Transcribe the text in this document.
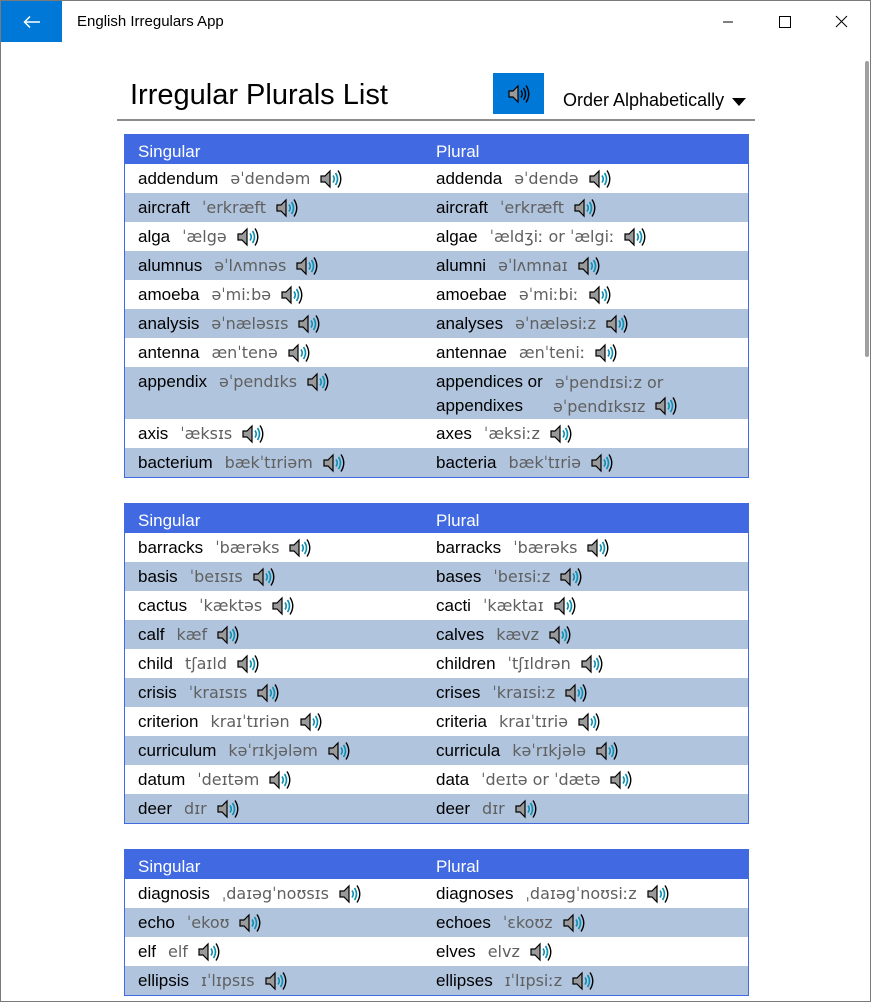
English Irregulars App
Irregular Plurals List	Order Alphabetically
Singular	Plural
addendum əˈdendəm	addenda əˈdendə
aircraft ˈerkræft	aircraft ˈerkræft
alga ˈælgə	algae ˈældʒiː or ˈælgiː
alumnus əˈlʌmnəs	alumni əˈlʌmnaɪ
amoeba əˈmiːbə	amoebae əˈmiːbiː
analysis əˈnæləsɪs	analyses əˈnæləsiːz
antenna ænˈtenə	antennae ænˈteniː
appendix əˈpendɪks	appendices or əˈpendɪsiːz or
appendixes əˈpendɪksɪz
axis ˈæksɪs	axes ˈæksiːz
bacterium bækˈtɪriəm	bacteria bækˈtɪriə
Singular	Plural
barracks ˈbærəks	barracks ˈbærəks
basis ˈbeɪsɪs	bases ˈbeɪsiːz
cactus ˈkæktəs	cacti ˈkæktaɪ
calf kæf	calves kævz
child tʃaɪld	children ˈtʃɪldrən
crisis ˈkraɪsɪs	crises ˈkraɪsiːz
criterion kraɪˈtɪriən	criteria kraɪˈtɪriə
curriculum kəˈrɪkjələm	curricula kəˈrɪkjələ
datum ˈdeɪtəm	data ˈdeɪtə or ˈdætə
deer dɪr	deer dɪr
Singular	Plural
diagnosis ˌdaɪəgˈnoʊsɪs	diagnoses ˌdaɪəgˈnoʊsiːz
echo ˈekoʊ	echoes ˈɛkoʊz
elf elf	elves elvz
ellipsis ɪˈlɪpsɪs	ellipses ɪˈlɪpsiːz
